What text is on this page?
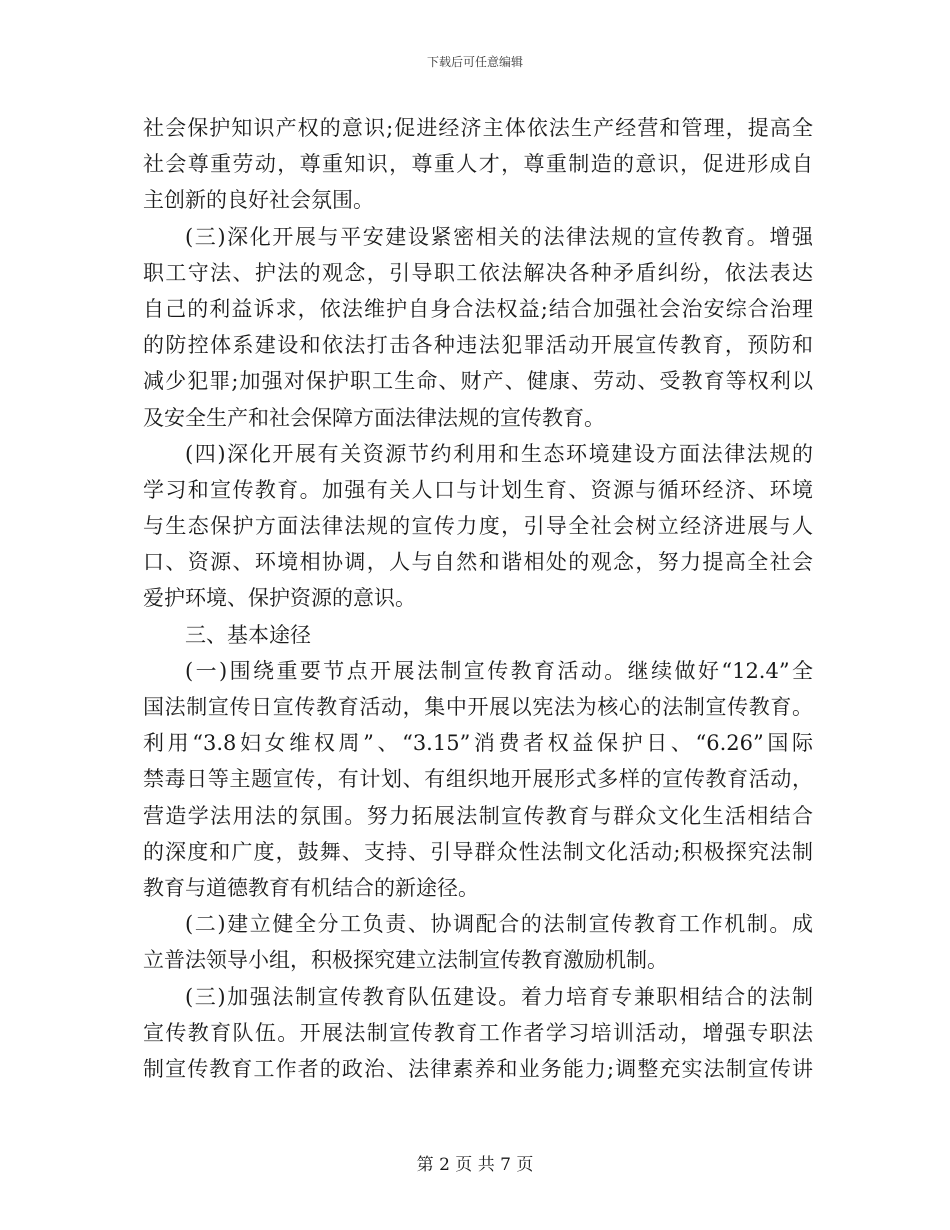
下载后可任意编辑
社会保护知识产权的意识;促进经济主体依法生产经营和管理，提高全
社会尊重劳动，尊重知识，尊重人才，尊重制造的意识，促进形成自
主创新的良好社会氛围。
(三)深化开展与平安建设紧密相关的法律法规的宣传教育。增强
职工守法、护法的观念，引导职工依法解决各种矛盾纠纷，依法表达
自己的利益诉求，依法维护自身合法权益;结合加强社会治安综合治理
的防控体系建设和依法打击各种违法犯罪活动开展宣传教育，预防和
减少犯罪;加强对保护职工生命、财产、健康、劳动、受教育等权利以
及安全生产和社会保障方面法律法规的宣传教育。
(四)深化开展有关资源节约利用和生态环境建设方面法律法规的
学习和宣传教育。加强有关人口与计划生育、资源与循环经济、环境
与生态保护方面法律法规的宣传力度，引导全社会树立经济进展与人
口、资源、环境相协调，人与自然和谐相处的观念，努力提高全社会
爱护环境、保护资源的意识。
三、基本途径
(一)围绕重要节点开展法制宣传教育活动。继续做好“12.4”全
国法制宣传日宣传教育活动，集中开展以宪法为核心的法制宣传教育。
利用“3.8妇女维权周”、“3.15”消费者权益保护日、“6.26”国际
禁毒日等主题宣传，有计划、有组织地开展形式多样的宣传教育活动，
营造学法用法的氛围。努力拓展法制宣传教育与群众文化生活相结合
的深度和广度，鼓舞、支持、引导群众性法制文化活动;积极探究法制
教育与道德教育有机结合的新途径。
(二)建立健全分工负责、协调配合的法制宣传教育工作机制。成
立普法领导小组，积极探究建立法制宣传教育激励机制。
(三)加强法制宣传教育队伍建设。着力培育专兼职相结合的法制
宣传教育队伍。开展法制宣传教育工作者学习培训活动，增强专职法
制宣传教育工作者的政治、法律素养和业务能力;调整充实法制宣传讲
第 2 页 共 7 页
